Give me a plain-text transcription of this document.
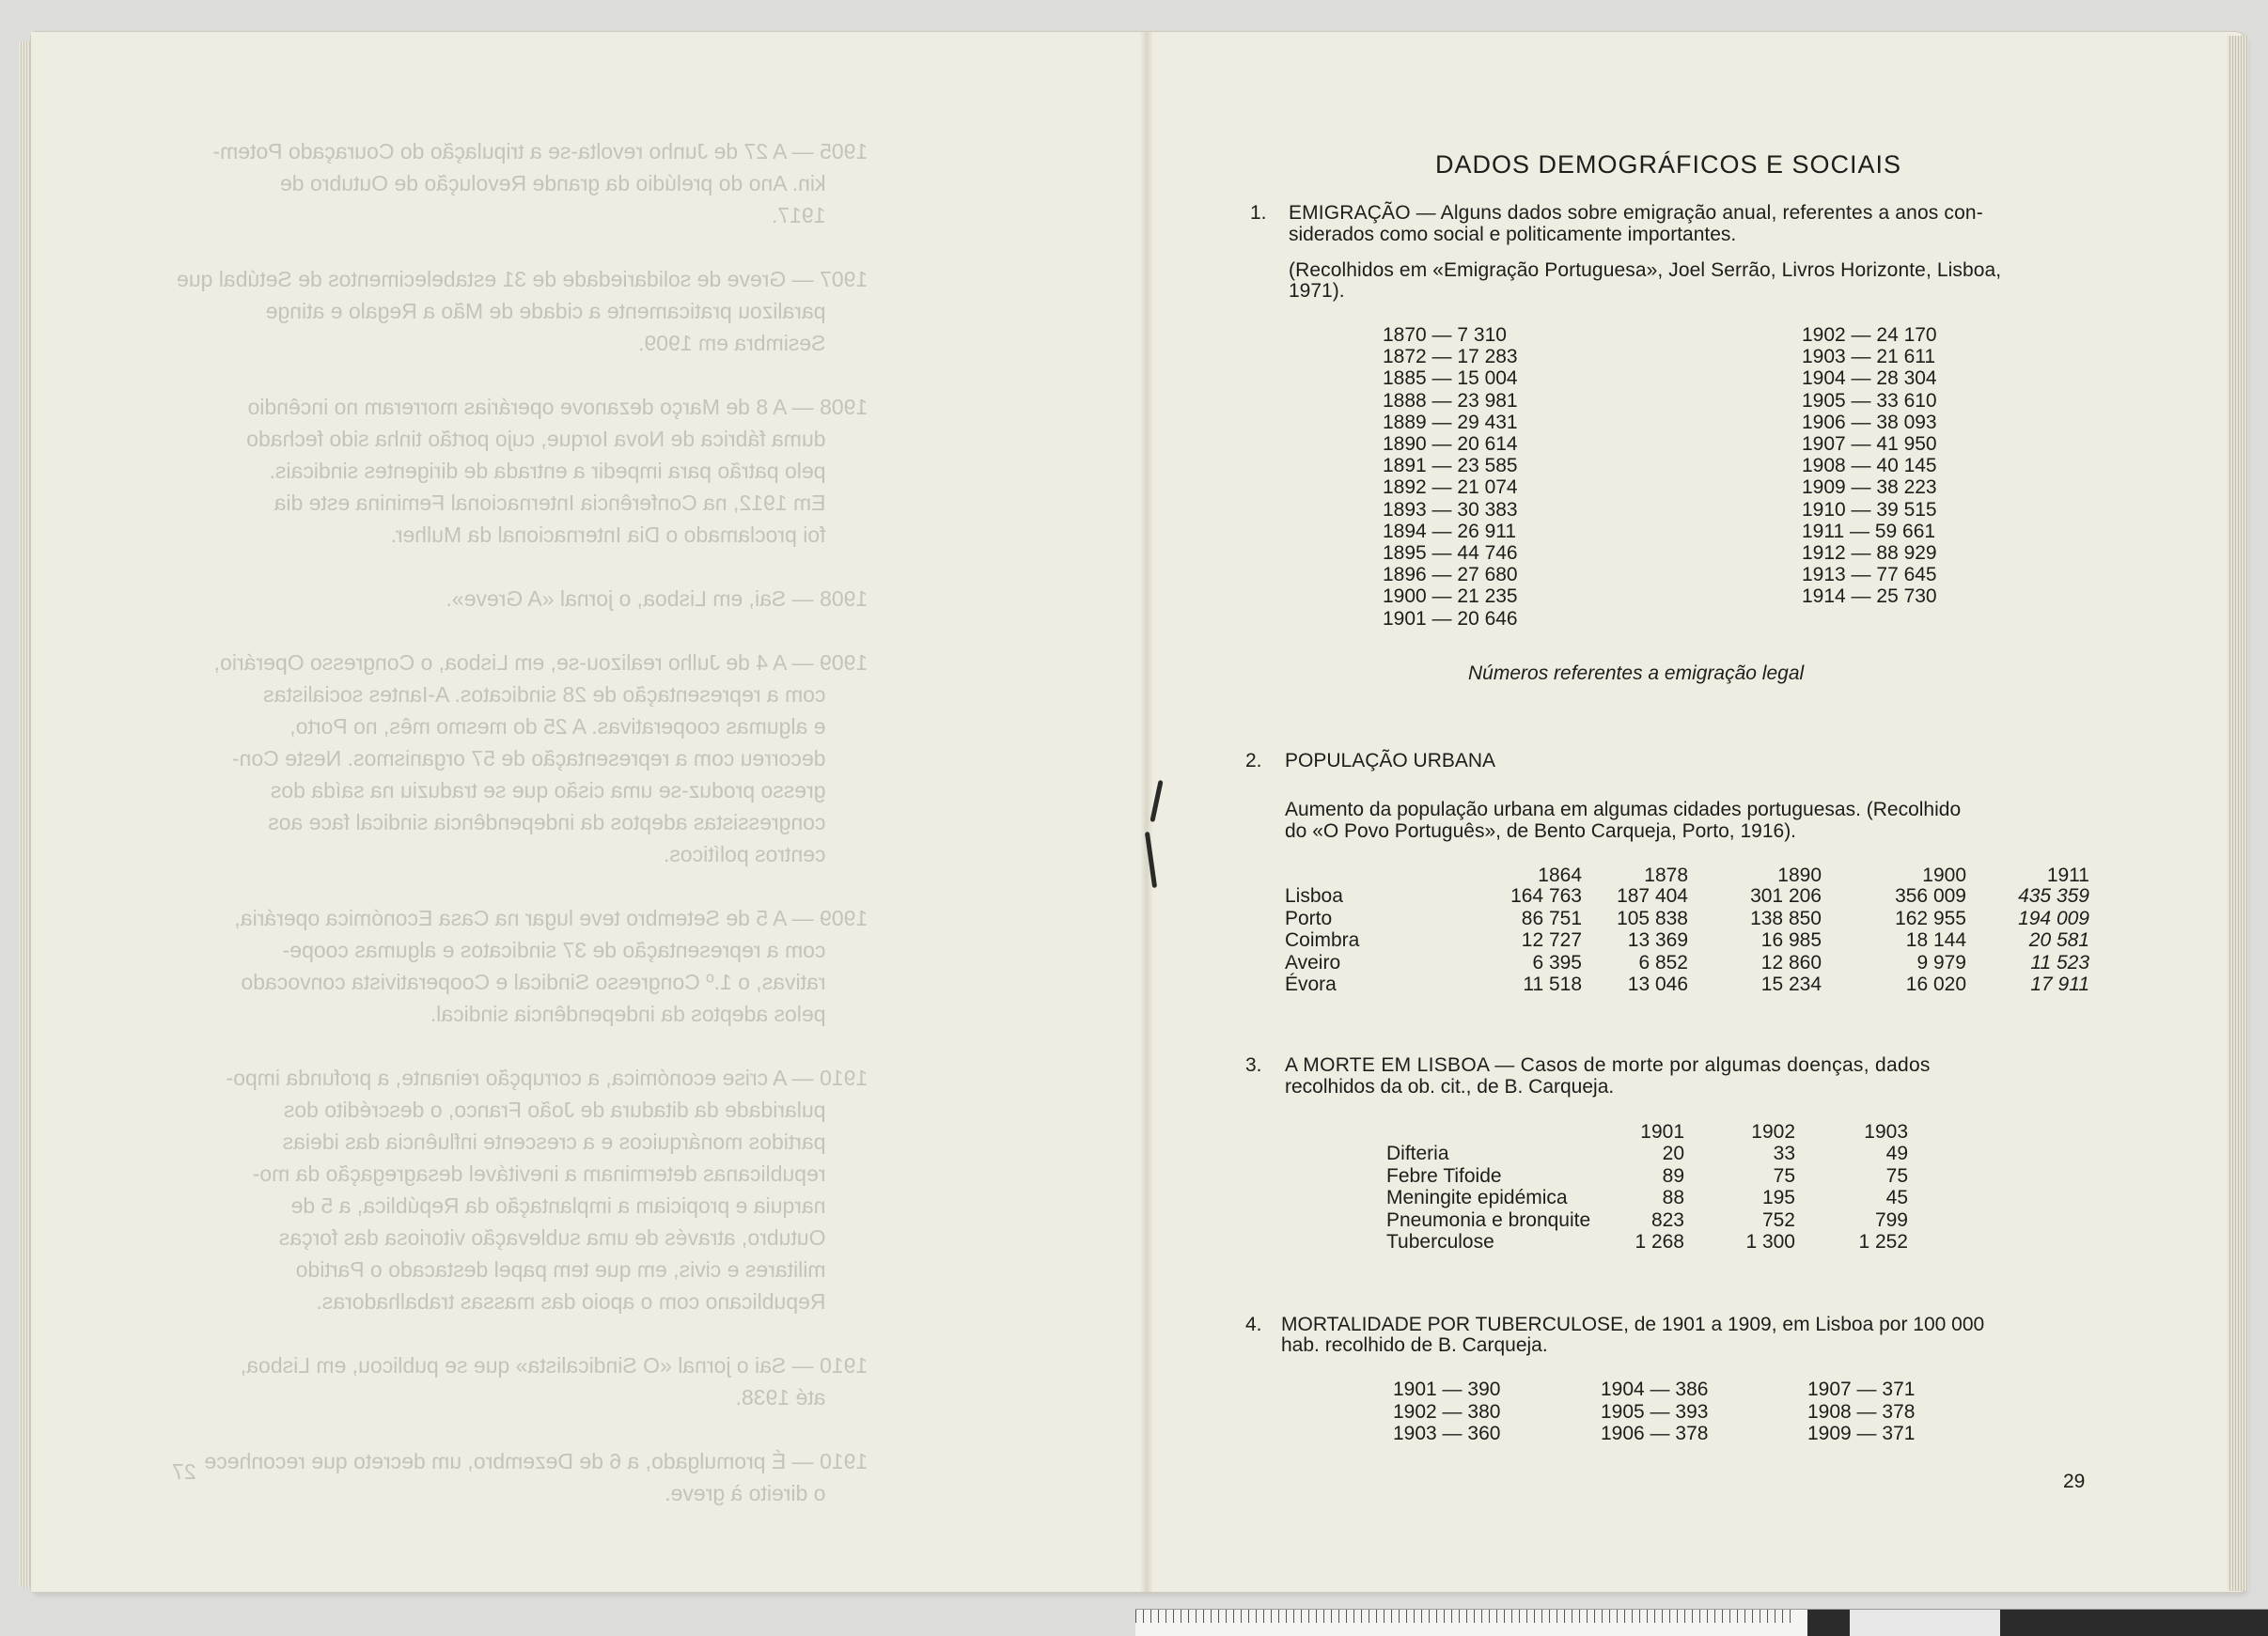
1905 — A 27 de Junho revolta-se a tripulação do Couraçado Potem-
kin. Ano do prelúdio da grande Revolução de Outubro de
1917.

1907 — Greve de solidariedade de 31 estabelecimentos de Setúbal que
paralizou praticamente a cidade de Mão a Regalo e atinge
Sesimbra em 1909.

1908 — A 8 de Março dezanove operárias morreram no incêndio
duma fábrica de Nova Iorque, cujo portão tinha sido fechado
pelo patrão para impedir a entrada de dirigentes sindicais.
Em 1912, na Conferência Internacional Feminina este dia
foi proclamado o Dia Internacional da Mulher.

1908 — Sai, em Lisboa, o jornal «A Greve».

1909 — A 4 de Julho realizou-se, em Lisboa, o Congresso Operário,
com a representação de 28 sindicatos. A-Iantes socialistas
e algumas cooperativas. A 25 do mesmo mês, no Porto,
decorreu com a representação de 57 organismos. Neste Con-
gresso produz-se uma cisão que se traduziu na saída dos
congressistas adeptos da independência sindical face aos
centros políticos.

1909 — A 5 de Setembro teve lugar na Casa Económica operária,
com a representação de 37 sindicatos e algumas coope-
rativas, o 1.º Congresso Sindical e Cooperativista convocado
pelos adeptos da independência sindical.

1910 — A crise económica, a corrupção reinante, a profunda impo-
pularidade da ditadura de João Franco, o descrédito dos
partidos monárquicos e a crescente influência das ideias
republicanas determinam a inevitável desagregação da mo-
narquia e propiciam a implantação da República, a 5 de
Outubro, através de uma sublevação vitoriosa das forças
militares e civis, em que tem papel destacado o Partido
Republicano com o apoio das massas trabalhadoras.

1910 — Sai o jornal «O Sindicalista» que se publicou, em Lisboa,
até 1938.

1910 — É promulgado, a 6 de Dezembro, um decreto que reconhece
o direito à greve.
27
DADOS DEMOGRÁFICOS E SOCIAIS
1. EMIGRAÇÃO — Alguns dados sobre emigração anual, referentes a anos con-
siderados como social e politicamente importantes.
(Recolhidos em «Emigração Portuguesa», Joel Serrão, Livros Horizonte, Lisboa,
1971).
1870 — 7 310
1872 — 17 283
1885 — 15 004
1888 — 23 981
1889 — 29 431
1890 — 20 614
1891 — 23 585
1892 — 21 074
1893 — 30 383
1894 — 26 911
1895 — 44 746
1896 — 27 680
1900 — 21 235
1901 — 20 646
1902 — 24 170
1903 — 21 611
1904 — 28 304
1905 — 33 610
1906 — 38 093
1907 — 41 950
1908 — 40 145
1909 — 38 223
1910 — 39 515
1911 — 59 661
1912 — 88 929
1913 — 77 645
1914 — 25 730
Números referentes a emigração legal
2. POPULAÇÃO URBANA
Aumento da população urbana em algumas cidades portuguesas. (Recolhido
do «O Povo Português», de Bento Carqueja, Porto, 1916).
1864	1878	1890	1900	1911
Lisboa	164 763	187 404	301 206	356 009	435 359
Porto	86 751	105 838	138 850	162 955	194 009
Coimbra	12 727	13 369	16 985	18 144	20 581
Aveiro	6 395	6 852	12 860	9 979	11 523
Évora	11 518	13 046	15 234	16 020	17 911
3. A MORTE EM LISBOA — Casos de morte por algumas doenças, dados
recolhidos da ob. cit., de B. Carqueja.
1901	1902	1903
Difteria	20	33	49
Febre Tifoide	89	75	75
Meningite epidémica	88	195	45
Pneumonia e bronquite	823	752	799
Tuberculose	1 268	1 300	1 252
4. MORTALIDADE POR TUBERCULOSE, de 1901 a 1909, em Lisboa por 100 000
hab. recolhido de B. Carqueja.
1901 — 390
1902 — 380
1903 — 360
1904 — 386
1905 — 393
1906 — 378
1907 — 371
1908 — 378
1909 — 371
29
